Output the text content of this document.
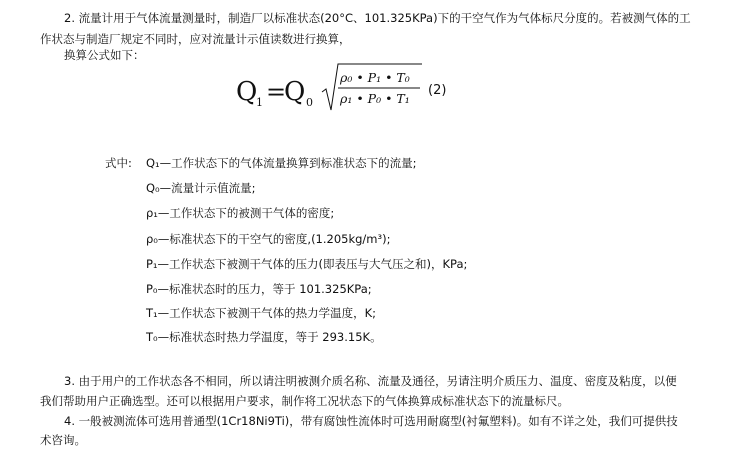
2. 流量计用于气体流量测量时，制造厂以标准状态(20°C、101.325KPa)下的干空气作为气体标尺分度的。若被测气体的工
作状态与制造厂规定不同时，应对流量计示值读数进行换算，
换算公式如下：
Q
1 =
Q 0
ρ₀ • P₁ • T₀
ρ₁ • P₀ • T₁
(2)
式中: Q₁—工作状态下的气体流量换算到标准状态下的流量;
Q₀—流量计示值流量;
ρ₁—工作状态下的被测干气体的密度;
ρ₀—标准状态下的干空气的密度,(1.205kg/m³);
P₁—工作状态下被测干气体的压力(即表压与大气压之和)，KPa;
P₀—标准状态时的压力，等于 101.325KPa;
T₁—工作状态下被测干气体的热力学温度，K;
T₀—标准状态时热力学温度，等于 293.15K。
3. 由于用户的工作状态各不相同，所以请注明被测介质名称、流量及通径，另请注明介质压力、温度、密度及粘度，以便
我们帮助用户正确选型。还可以根据用户要求，制作将工况状态下的气体换算成标准状态下的流量标尺。
4. 一般被测流体可选用普通型(1Cr18Ni9Ti)，带有腐蚀性流体时可选用耐腐型(衬氟塑料)。如有不详之处，我们可提供技
术咨询。
